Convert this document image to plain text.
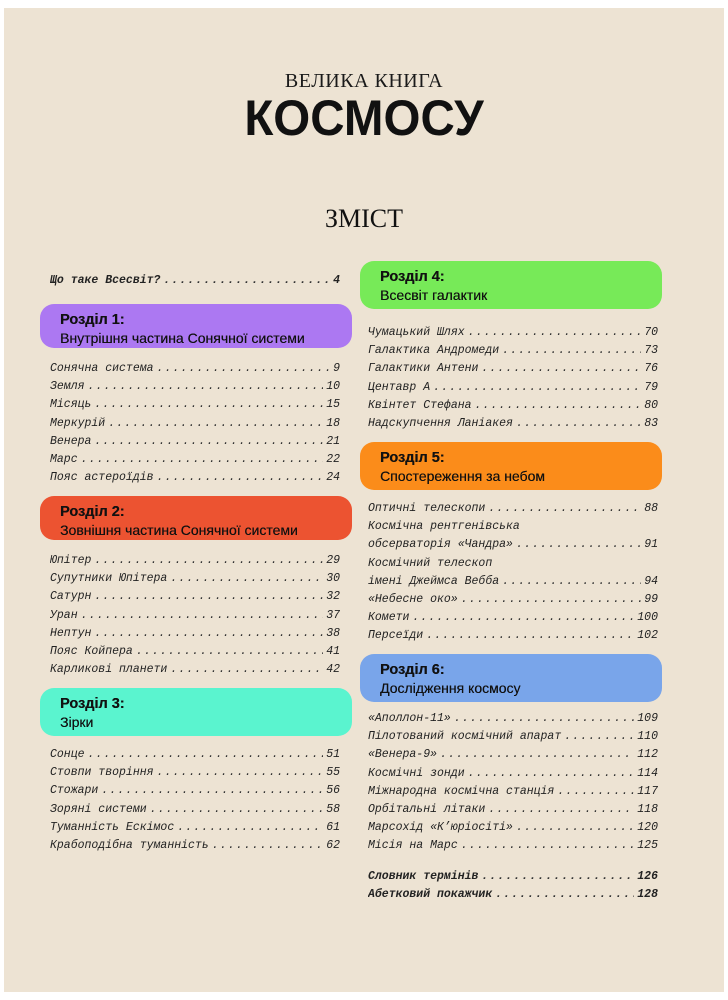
ВЕЛИКА КНИГА
КОСМОСУ
ЗМІСТ
Що таке Всесвіт? .....	4
Розділ 1:
Внутрішня частина Сонячної системи
Сонячна система .....	9
Земля .....	10
Місяць .....	15
Меркурій .....	18
Венера .....	21
Марс .....	22
Пояс астероїдів .....	24
Розділ 2:
Зовнішня частина Сонячної системи
Юпітер .....	29
Супутники Юпітера .....	30
Сатурн .....	32
Уран .....	37
Нептун .....	38
Пояс Койпера .....	41
Карликові планети .....	42
Розділ 3:
Зірки
Сонце .....	51
Стовпи творіння .....	55
Стожари .....	56
Зоряні системи .....	58
Туманність Ескімос .....	61
Крабоподібна туманність .....	62
Розділ 4:
Всесвіт галактик
Чумацький Шлях .....	70
Галактика Андромеди .....	73
Галактики Антени .....	76
Центавр А .....	79
Квінтет Стефана .....	80
Надскупчення Ланіакея .....	83
Розділ 5:
Спостереження за небом
Оптичні телескопи .....	88
Космічна рентгенівська
обсерваторія «Чандра» .....	91
Космічний телескоп
імені Джеймса Вебба .....	94
«Небесне око» .....	99
Комети .....	100
Персеїди .....	102
Розділ 6:
Дослідження космосу
«Аполлон-11» .....	109
Пілотований космічний апарат .....	110
«Венера-9» .....	112
Космічні зонди .....	114
Міжнародна космічна станція .....	117
Орбітальні літаки .....	118
Марсохід «К’юріосіті» .....	120
Місія на Марс .....	125
Словник термінів .....	126
Абетковий покажчик .....	128
